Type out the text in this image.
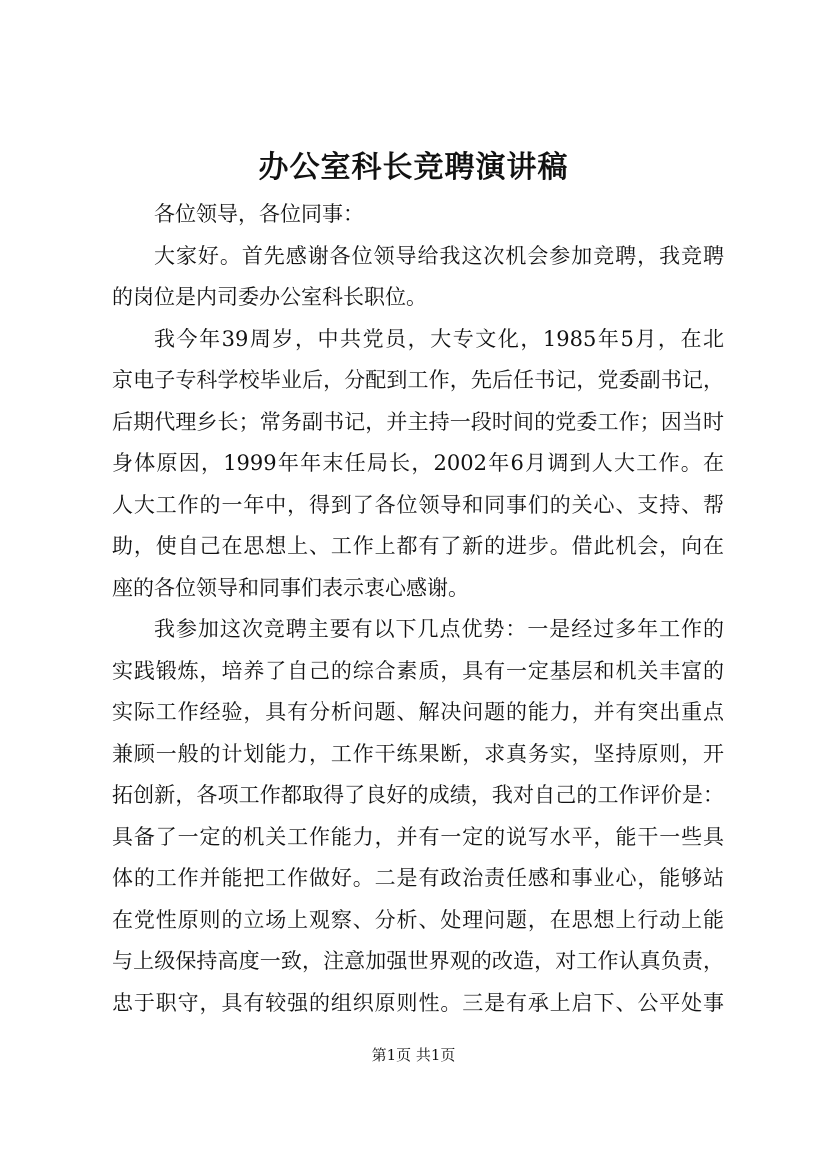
办公室科长竞聘演讲稿
各位领导，各位同事：
大家好。首先感谢各位领导给我这次机会参加竞聘，我竞聘
的岗位是内司委办公室科长职位。
我今年39周岁，中共党员，大专文化，1985年5月，在北
京电子专科学校毕业后，分配到工作，先后任书记，党委副书记，
后期代理乡长；常务副书记，并主持一段时间的党委工作；因当时
身体原因，1999年年末任局长，2002年6月调到人大工作。在
人大工作的一年中，得到了各位领导和同事们的关心、支持、帮
助，使自己在思想上、工作上都有了新的进步。借此机会，向在
座的各位领导和同事们表示衷心感谢。
我参加这次竞聘主要有以下几点优势：一是经过多年工作的
实践锻炼，培养了自己的综合素质，具有一定基层和机关丰富的
实际工作经验，具有分析问题、解决问题的能力，并有突出重点
兼顾一般的计划能力，工作干练果断，求真务实，坚持原则，开
拓创新，各项工作都取得了良好的成绩，我对自己的工作评价是：
具备了一定的机关工作能力，并有一定的说写水平，能干一些具
体的工作并能把工作做好。二是有政治责任感和事业心，能够站
在党性原则的立场上观察、分析、处理问题，在思想上行动上能
与上级保持高度一致，注意加强世界观的改造，对工作认真负责，
忠于职守，具有较强的组织原则性。三是有承上启下、公平处事
第1页 共1页
